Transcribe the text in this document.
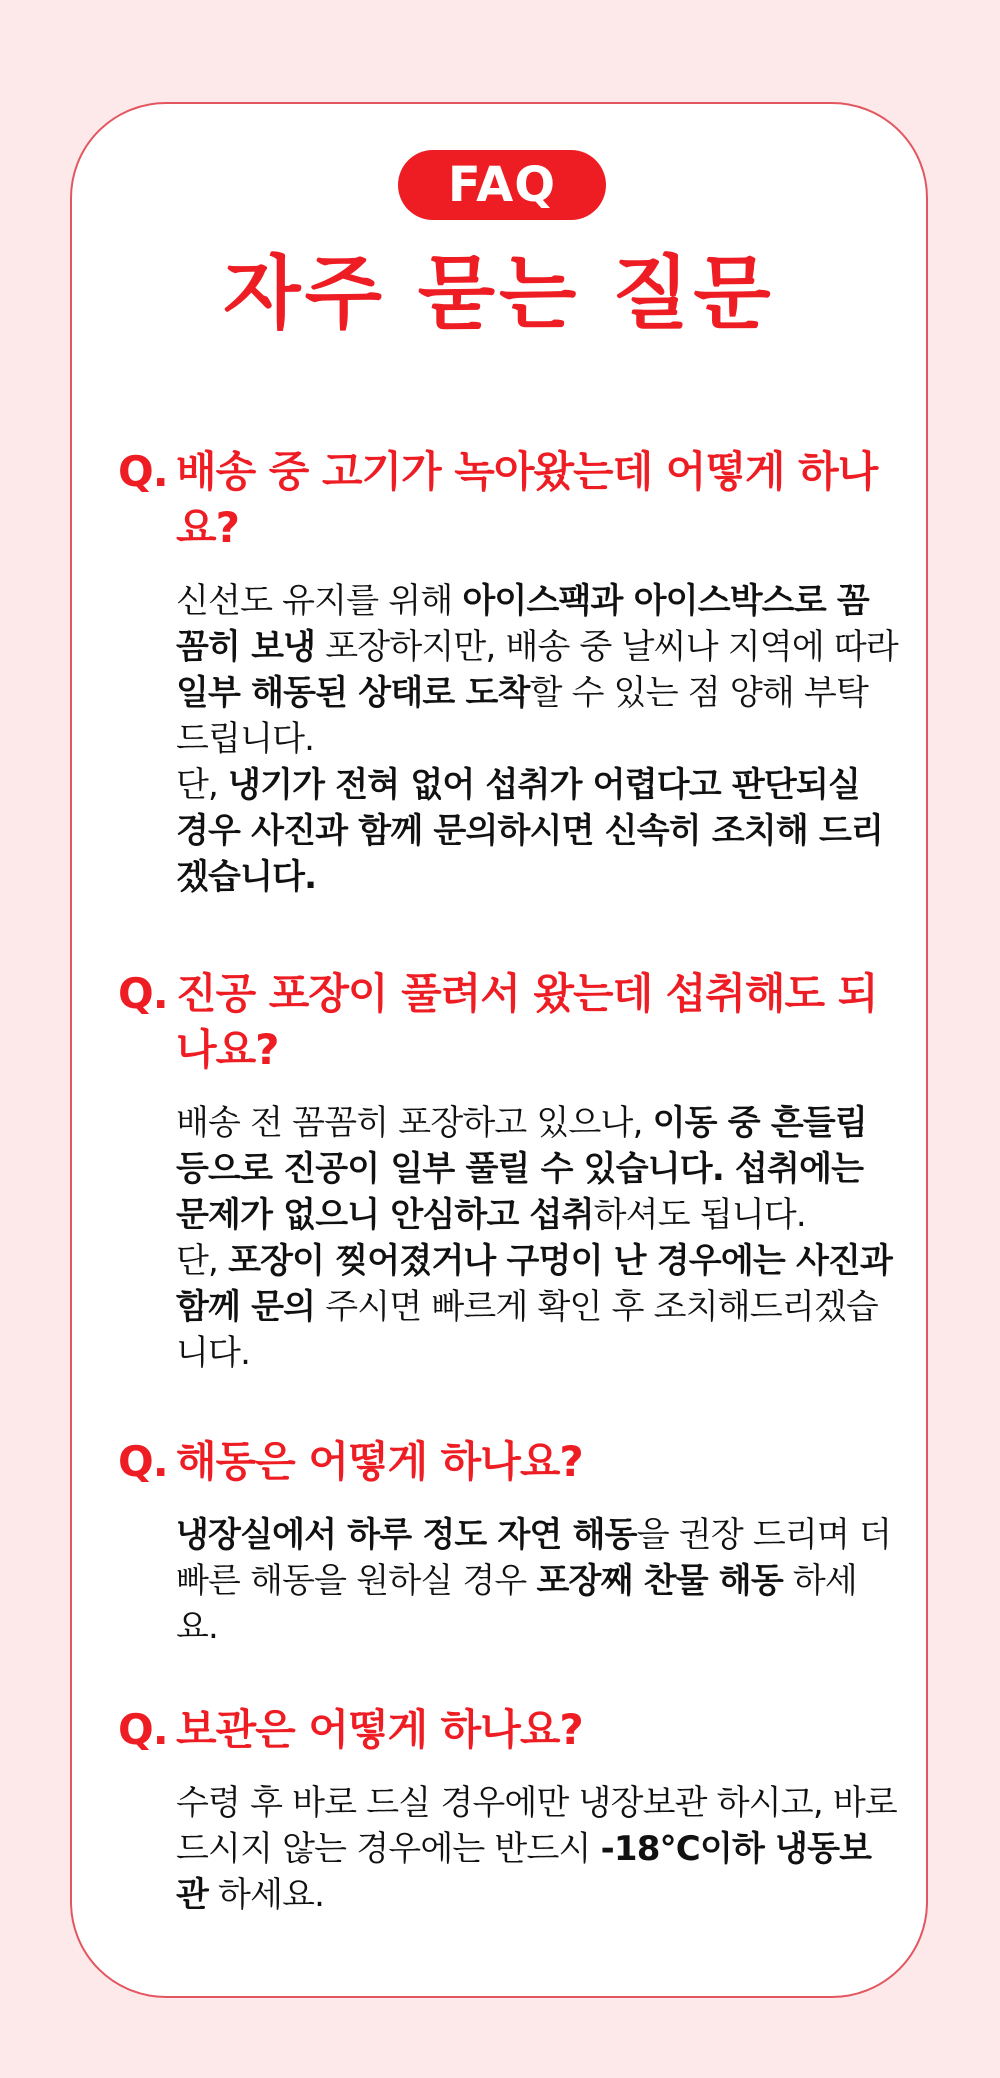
FAQ
자주 묻는 질문
Q. 배송 중 고기가 녹아왔는데 어떻게 하나요?
신선도 유지를 위해 아이스팩과 아이스박스로 꼼꼼히 보냉 포장하지만, 배송 중 날씨나 지역에 따라 일부 해동된 상태로 도착할 수 있는 점 양해 부탁드립니다.
단, 냉기가 전혀 없어 섭취가 어렵다고 판단되실 경우 사진과 함께 문의하시면 신속히 조치해 드리겠습니다.
Q. 진공 포장이 풀려서 왔는데 섭취해도 되나요?
배송 전 꼼꼼히 포장하고 있으나, 이동 중 흔들림 등으로 진공이 일부 풀릴 수 있습니다. 섭취에는 문제가 없으니 안심하고 섭취하셔도 됩니다.
단, 포장이 찢어졌거나 구멍이 난 경우에는 사진과 함께 문의 주시면 빠르게 확인 후 조치해드리겠습니다.
Q. 해동은 어떻게 하나요?
냉장실에서 하루 정도 자연 해동을 권장 드리며 더 빠른 해동을 원하실 경우 포장째 찬물 해동 하세요.
Q. 보관은 어떻게 하나요?
수령 후 바로 드실 경우에만 냉장보관 하시고, 바로 드시지 않는 경우에는 반드시 -18°C이하 냉동보관 하세요.
